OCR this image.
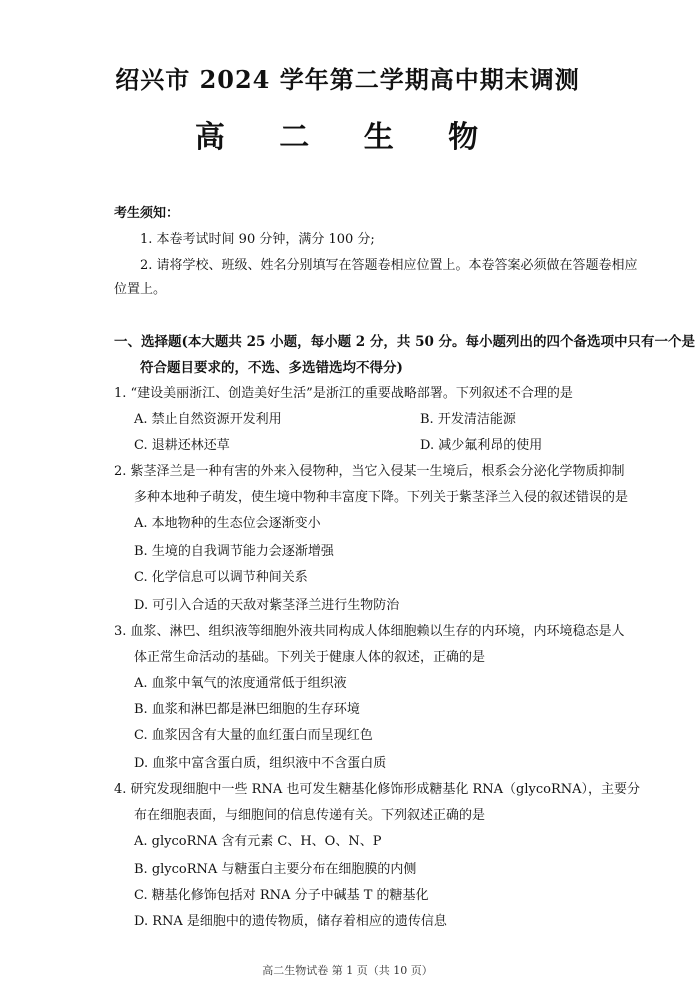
绍兴市 2024 学年第二学期高中期末调测
高 二 生 物
考生须知：
1. 本卷考试时间 90 分钟，满分 100 分;
2. 请将学校、班级、姓名分别填写在答题卷相应位置上。本卷答案必须做在答题卷相应
位置上。
一、选择题(本大题共 25 小题，每小题 2 分，共 50 分。每小题列出的四个备选项中只有一个是
符合题目要求的，不选、多选错选均不得分)
1. “建设美丽浙江、创造美好生活”是浙江的重要战略部署。下列叙述不合理的是
A. 禁止自然资源开发利用	B. 开发清洁能源
C. 退耕还林还草	D. 减少氟利昂的使用
2. 紫茎泽兰是一种有害的外来入侵物种，当它入侵某一生境后，根系会分泌化学物质抑制
多种本地种子萌发，使生境中物种丰富度下降。下列关于紫茎泽兰入侵的叙述错误的是
A. 本地物种的生态位会逐渐变小
B. 生境的自我调节能力会逐渐增强
C. 化学信息可以调节种间关系
D. 可引入合适的天敌对紫茎泽兰进行生物防治
3. 血浆、淋巴、组织液等细胞外液共同构成人体细胞赖以生存的内环境，内环境稳态是人
体正常生命活动的基础。下列关于健康人体的叙述，正确的是
A. 血浆中氧气的浓度通常低于组织液
B. 血浆和淋巴都是淋巴细胞的生存环境
C. 血浆因含有大量的血红蛋白而呈现红色
D. 血浆中富含蛋白质，组织液中不含蛋白质
4. 研究发现细胞中一些 RNA 也可发生糖基化修饰形成糖基化 RNA（glycoRNA），主要分
布在细胞表面，与细胞间的信息传递有关。下列叙述正确的是
A. glycoRNA 含有元素 C、H、O、N、P
B. glycoRNA 与糖蛋白主要分布在细胞膜的内侧
C. 糖基化修饰包括对 RNA 分子中碱基 T 的糖基化
D. RNA 是细胞中的遗传物质，储存着相应的遗传信息
高二生物试卷 第 1 页（共 10 页）
